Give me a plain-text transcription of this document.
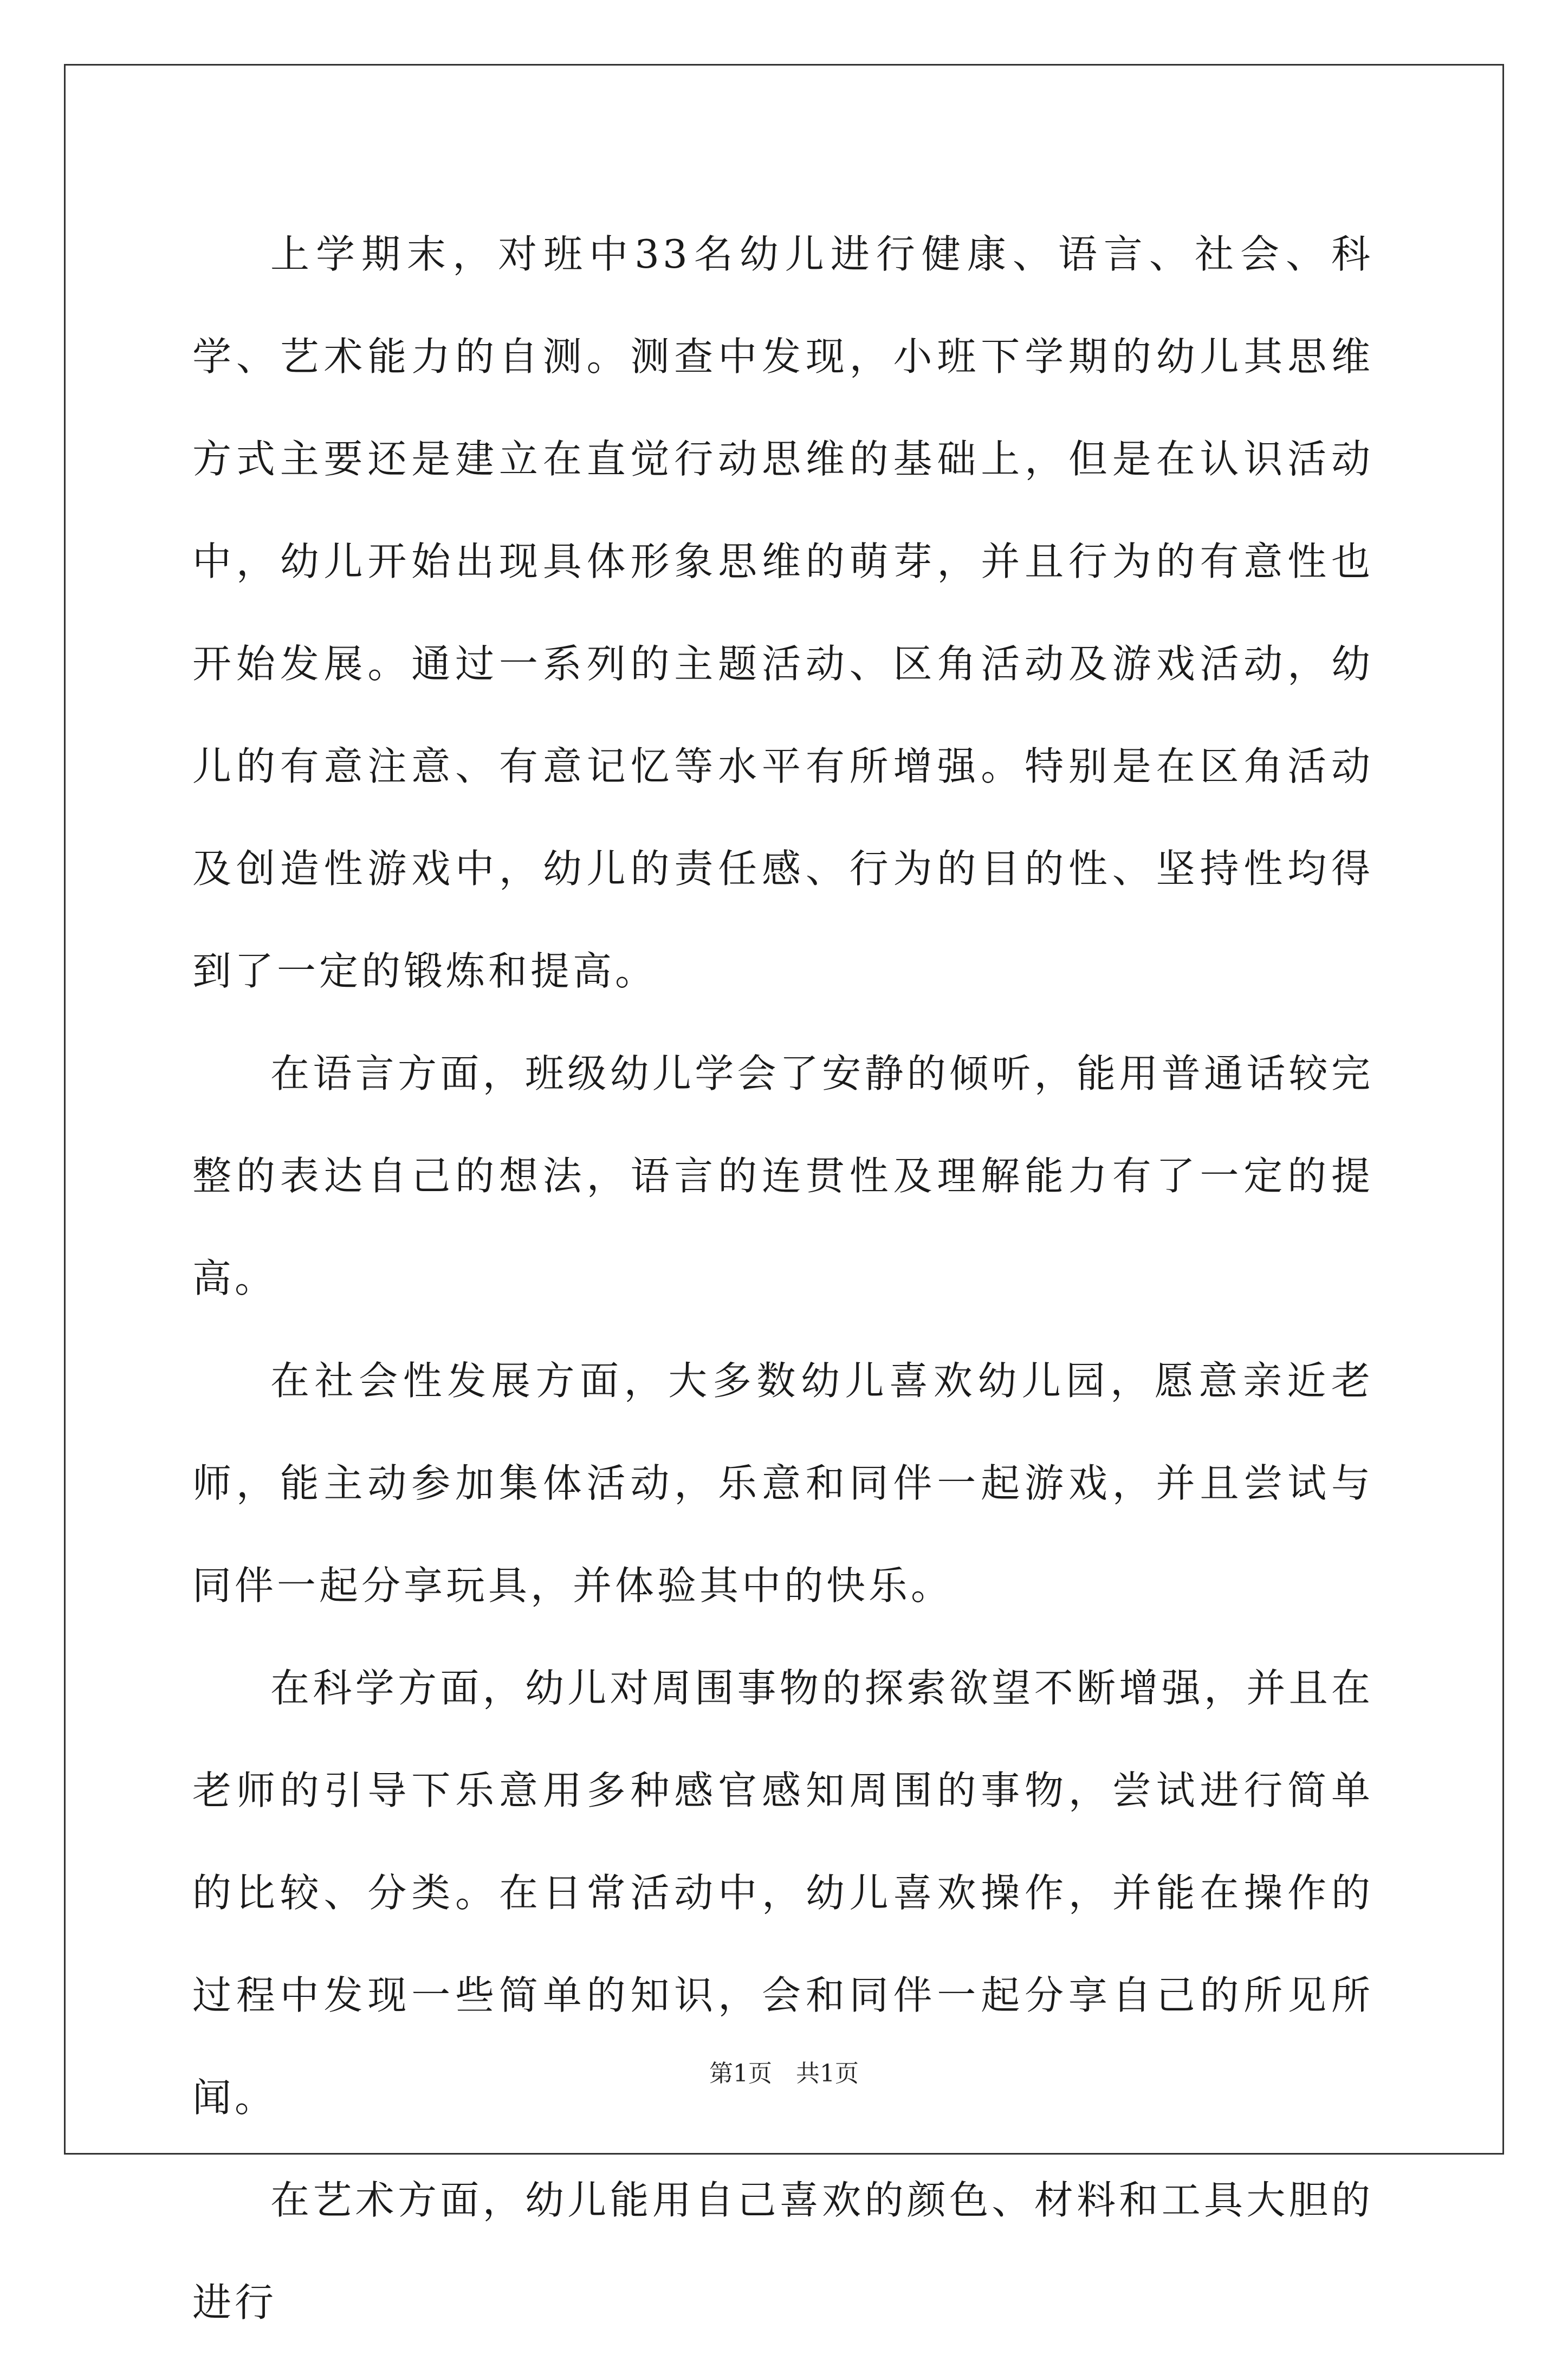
上学期末，对班中33名幼儿进行健康、语言、社会、科学、艺术能力的自测。测查中发现，小班下学期的幼儿其思维方式主要还是建立在直觉行动思维的基础上，但是在认识活动中，幼儿开始出现具体形象思维的萌芽，并且行为的有意性也开始发展。通过一系列的主题活动、区角活动及游戏活动，幼儿的有意注意、有意记忆等水平有所增强。特别是在区角活动及创造性游戏中，幼儿的责任感、行为的目的性、坚持性均得到了一定的锻炼和提高。

在语言方面，班级幼儿学会了安静的倾听，能用普通话较完整的表达自己的想法，语言的连贯性及理解能力有了一定的提高。

在社会性发展方面，大多数幼儿喜欢幼儿园，愿意亲近老师，能主动参加集体活动，乐意和同伴一起游戏，并且尝试与同伴一起分享玩具，并体验其中的快乐。

在科学方面，幼儿对周围事物的探索欲望不断增强，并且在老师的引导下乐意用多种感官感知周围的事物，尝试进行简单的比较、分类。在日常活动中，幼儿喜欢操作，并能在操作的过程中发现一些简单的知识，会和同伴一起分享自己的所见所闻。

在艺术方面，幼儿能用自己喜欢的颜色、材料和工具大胆的进行

第1页　共1页
